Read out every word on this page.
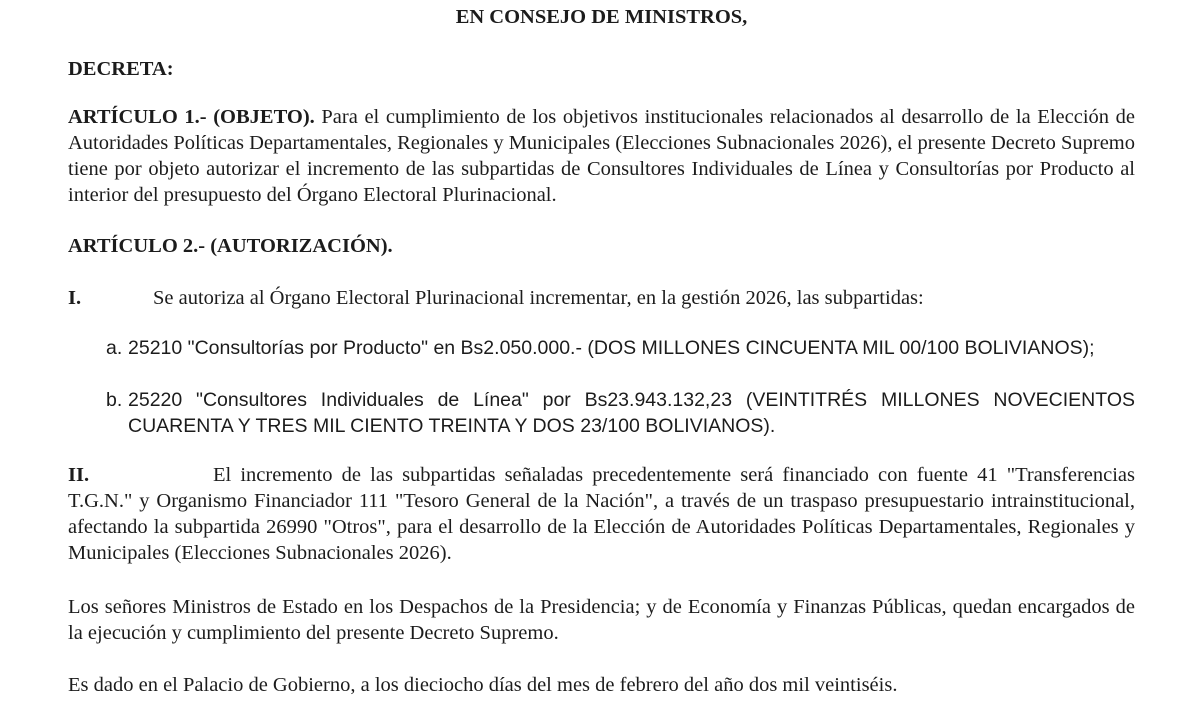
EN CONSEJO DE MINISTROS,
DECRETA:
ARTÍCULO 1.- (OBJETO). Para el cumplimiento de los objetivos institucionales relacionados al desarrollo de la Elección de Autoridades Políticas Departamentales, Regionales y Municipales (Elecciones Subnacionales 2026), el presente Decreto Supremo tiene por objeto autorizar el incremento de las subpartidas de Consultores Individuales de Línea y Consultorías por Producto al interior del presupuesto del Órgano Electoral Plurinacional.
ARTÍCULO 2.- (AUTORIZACIÓN).
I.	Se autoriza al Órgano Electoral Plurinacional incrementar, en la gestión 2026, las subpartidas:
a. 25210 "Consultorías por Producto" en Bs2.050.000.- (DOS MILLONES CINCUENTA MIL 00/100 BOLIVIANOS);
b. 25220 "Consultores Individuales de Línea" por Bs23.943.132,23 (VEINTITRÉS MILLONES NOVECIENTOS CUARENTA Y TRES MIL CIENTO TREINTA Y DOS 23/100 BOLIVIANOS).
II.	El incremento de las subpartidas señaladas precedentemente será financiado con fuente 41 "Transferencias T.G.N." y Organismo Financiador 111 "Tesoro General de la Nación", a través de un traspaso presupuestario intrainstitucional, afectando la subpartida 26990 "Otros", para el desarrollo de la Elección de Autoridades Políticas Departamentales, Regionales y Municipales (Elecciones Subnacionales 2026).
Los señores Ministros de Estado en los Despachos de la Presidencia; y de Economía y Finanzas Públicas, quedan encargados de la ejecución y cumplimiento del presente Decreto Supremo.
Es dado en el Palacio de Gobierno, a los dieciocho días del mes de febrero del año dos mil veintiséis.
